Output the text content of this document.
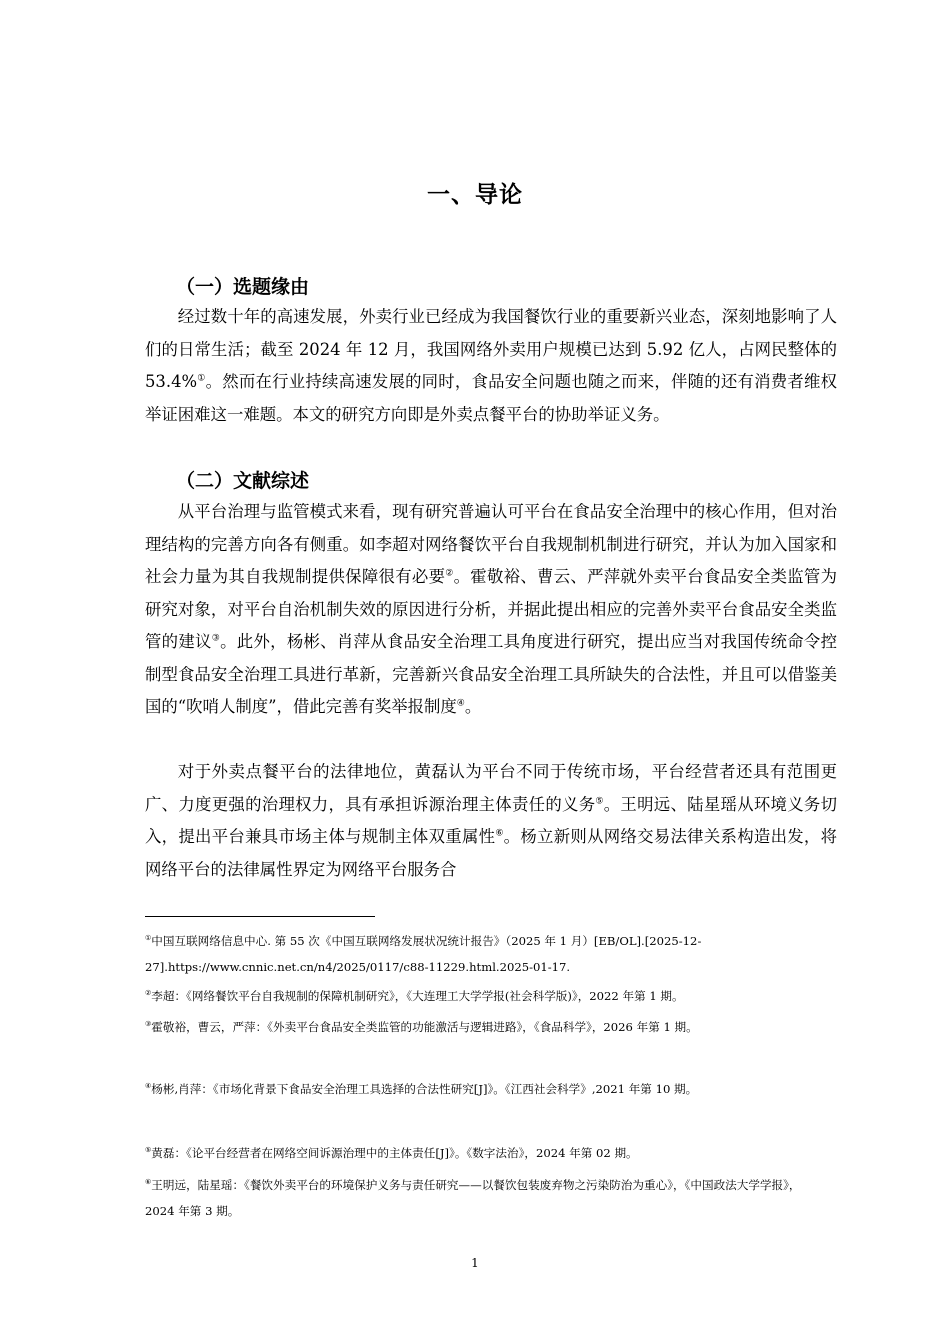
一、导论
（一）选题缘由

经过数十年的高速发展，外卖行业已经成为我国餐饮行业的重要新兴业态，深刻地影响了人们的日常生活；截至 2024 年 12 月，我国网络外卖用户规模已达到 5.92 亿人，占网民整体的 53.4%①。然而在行业持续高速发展的同时，食品安全问题也随之而来，伴随的还有消费者维权举证困难这一难题。本文的研究方向即是外卖点餐平台的协助举证义务。

（二）文献综述

从平台治理与监管模式来看，现有研究普遍认可平台在食品安全治理中的核心作用，但对治理结构的完善方向各有侧重。如李超对网络餐饮平台自我规制机制进行研究，并认为加入国家和社会力量为其自我规制提供保障很有必要②。霍敬裕、曹云、严萍就外卖平台食品安全类监管为研究对象，对平台自治机制失效的原因进行分析，并据此提出相应的完善外卖平台食品安全类监管的建议③。此外，杨彬、肖萍从食品安全治理工具角度进行研究，提出应当对我国传统命令控制型食品安全治理工具进行革新，完善新兴食品安全治理工具所缺失的合法性，并且可以借鉴美国的“吹哨人制度”，借此完善有奖举报制度④。

对于外卖点餐平台的法律地位，黄磊认为平台不同于传统市场，平台经营者还具有范围更广、力度更强的治理权力，具有承担诉源治理主体责任的义务⑤。王明远、陆星瑶从环境义务切入，提出平台兼具市场主体与规制主体双重属性⑥。杨立新则从网络交易法律关系构造出发，将网络平台的法律属性界定为网络平台服务合

①中国互联网络信息中心. 第 55 次《中国互联网络发展状况统计报告》（2025 年 1 月）[EB/OL].[2025-12-27].https://www.cnnic.net.cn/n4/2025/0117/c88-11229.html.2025-01-17.

②李超：《网络餐饮平台自我规制的保障机制研究》，《大连理工大学学报(社会科学版)》，2022 年第 1 期。

③霍敬裕，曹云，严萍：《外卖平台食品安全类监管的功能激活与逻辑进路》，《食品科学》，2026 年第 1 期。

④杨彬,肖萍：《市场化背景下食品安全治理工具选择的合法性研究[J]》。《江西社会科学》,2021 年第 10 期。

⑤黄磊：《论平台经营者在网络空间诉源治理中的主体责任[J]》。《数字法治》，2024 年第 02 期。

⑥王明远，陆星瑶：《餐饮外卖平台的环境保护义务与责任研究——以餐饮包装废弃物之污染防治为重心》，《中国政法大学学报》，2024 年第 3 期。

1
